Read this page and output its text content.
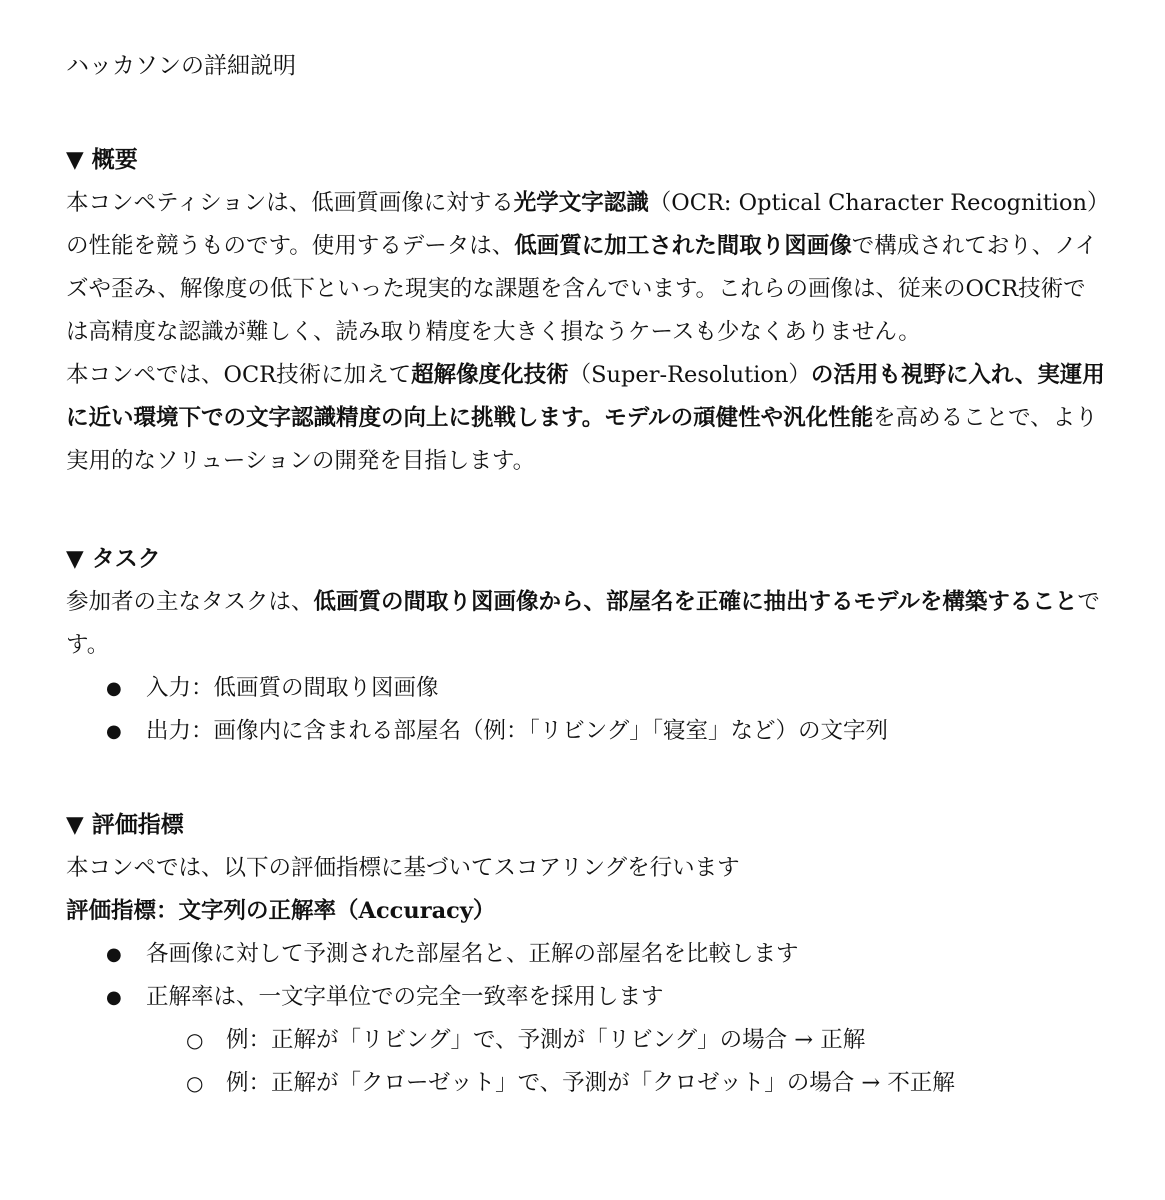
ハッカソンの詳細説明
▼ 概要

本コンペティションは、低画質画像に対する光学文字認識（OCR: Optical Character Recognition）の性能を競うものです。使用するデータは、低画質に加工された間取り図画像で構成されており、ノイズや歪み、解像度の低下といった現実的な課題を含んでいます。これらの画像は、従来のOCR技術では高精度な認識が難しく、読み取り精度を大きく損なうケースも少なくありません。

本コンペでは、OCR技術に加えて超解像度化技術（Super-Resolution）の活用も視野に入れ、実運用に近い環境下での文字認識精度の向上に挑戦します。モデルの頑健性や汎化性能を高めることで、より実用的なソリューションの開発を目指します。

▼ タスク

参加者の主なタスクは、低画質の間取り図画像から、部屋名を正確に抽出するモデルを構築することです。

● 入力：低画質の間取り図画像
● 出力：画像内に含まれる部屋名（例：「リビング」「寝室」など）の文字列
▼ 評価指標

本コンペでは、以下の評価指標に基づいてスコアリングを行います

評価指標：文字列の正解率（Accuracy）

● 各画像に対して予測された部屋名と、正解の部屋名を比較します
● 正解率は、一文字単位での完全一致率を採用します
○ 例：正解が「リビング」で、予測が「リビング」の場合 → 正解
○ 例：正解が「クローゼット」で、予測が「クロゼット」の場合 → 不正解
